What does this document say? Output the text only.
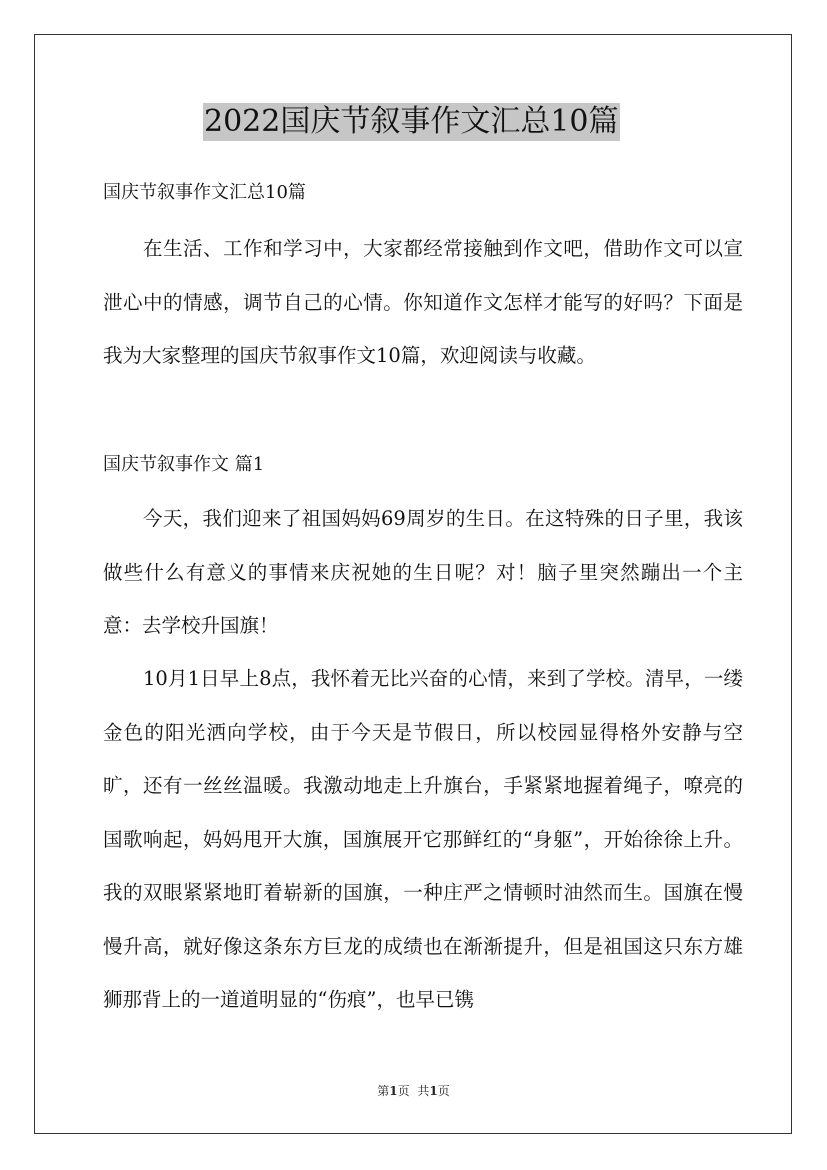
2022国庆节叙事作文汇总10篇
国庆节叙事作文汇总10篇

在生活、工作和学习中，大家都经常接触到作文吧，借助作文可以宣泄心中的情感，调节自己的心情。你知道作文怎样才能写的好吗？下面是我为大家整理的国庆节叙事作文10篇，欢迎阅读与收藏。

国庆节叙事作文 篇1

今天，我们迎来了祖国妈妈69周岁的生日。在这特殊的日子里，我该做些什么有意义的事情来庆祝她的生日呢？对！脑子里突然蹦出一个主意：去学校升国旗！

10月1日早上8点，我怀着无比兴奋的心情，来到了学校。清早，一缕金色的阳光洒向学校，由于今天是节假日，所以校园显得格外安静与空旷，还有一丝丝温暖。我激动地走上升旗台，手紧紧地握着绳子，嘹亮的国歌响起，妈妈甩开大旗，国旗展开它那鲜红的“身躯”，开始徐徐上升。我的双眼紧紧地盯着崭新的国旗，一种庄严之情顿时油然而生。国旗在慢慢升高，就好像这条东方巨龙的成绩也在渐渐提升，但是祖国这只东方雄狮那背上的一道道明显的“伤痕”，也早已镌

第1页 共1页
